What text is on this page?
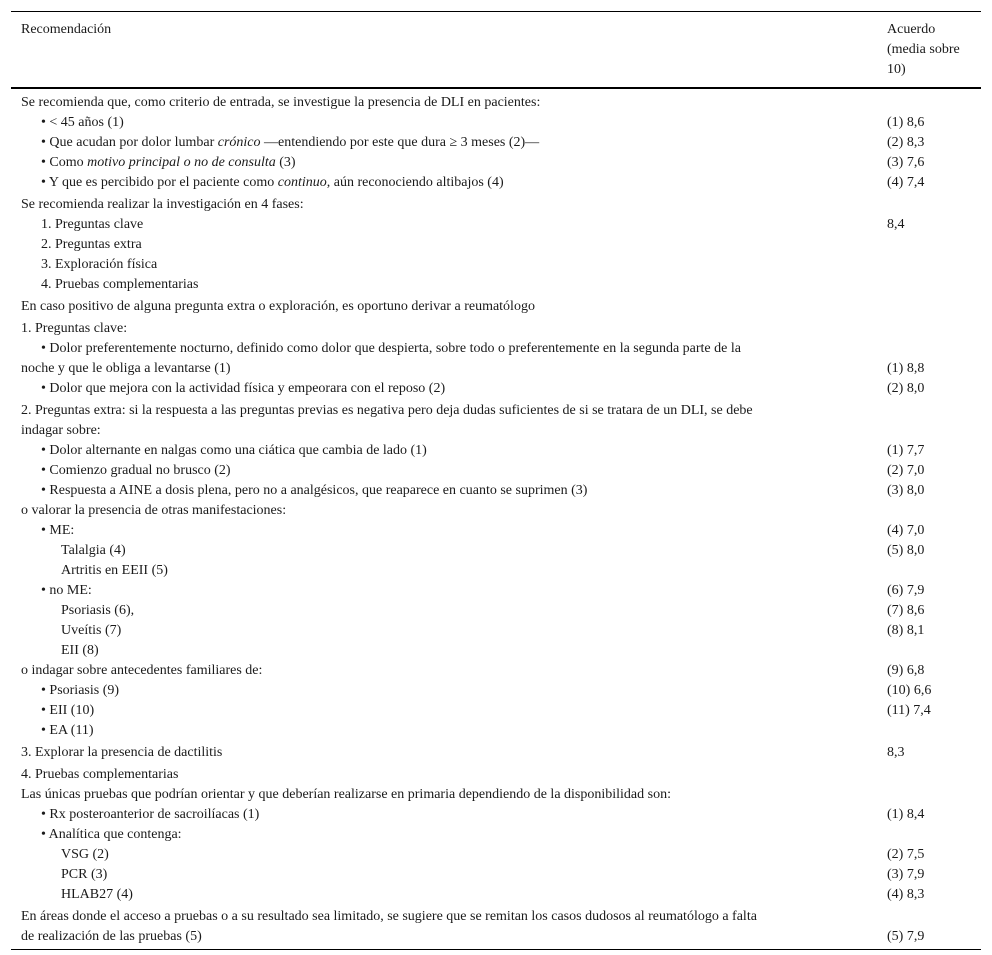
Recomendación	Acuerdo (media sobre 10)
Se recomienda que, como criterio de entrada, se investigue la presencia de DLI en pacientes:	
• < 45 años (1)	(1) 8,6
• Que acudan por dolor lumbar crónico —entendiendo por este que dura ≥ 3 meses (2)—	(2) 8,3
• Como motivo principal o no de consulta (3)	(3) 7,6
• Y que es percibido por el paciente como continuo, aún reconociendo altibajos (4)	(4) 7,4
Se recomienda realizar la investigación en 4 fases:	
1. Preguntas clave	8,4
2. Preguntas extra	
3. Exploración física	
4. Pruebas complementarias	
En caso positivo de alguna pregunta extra o exploración, es oportuno derivar a reumatólogo	
1. Preguntas clave:	
• Dolor preferentemente nocturno, definido como dolor que despierta, sobre todo o preferentemente en la segunda parte de la	
noche y que le obliga a levantarse (1)	(1) 8,8
• Dolor que mejora con la actividad física y empeorara con el reposo (2)	(2) 8,0
2. Preguntas extra: si la respuesta a las preguntas previas es negativa pero deja dudas suficientes de si se tratara de un DLI, se debe	
indagar sobre:	
• Dolor alternante en nalgas como una ciática que cambia de lado (1)	(1) 7,7
• Comienzo gradual no brusco (2)	(2) 7,0
• Respuesta a AINE a dosis plena, pero no a analgésicos, que reaparece en cuanto se suprimen (3)	(3) 8,0
o valorar la presencia de otras manifestaciones:	
• ME:	(4) 7,0
Talalgia (4)	(5) 8,0
Artritis en EEII (5)	
• no ME:	(6) 7,9
Psoriasis (6),	(7) 8,6
Uveítis (7)	(8) 8,1
EII (8)	
o indagar sobre antecedentes familiares de:	(9) 6,8
• Psoriasis (9)	(10) 6,6
• EII (10)	(11) 7,4
• EA (11)	
3. Explorar la presencia de dactilitis	8,3
4. Pruebas complementarias	
Las únicas pruebas que podrían orientar y que deberían realizarse en primaria dependiendo de la disponibilidad son:	
• Rx posteroanterior de sacroilíacas (1)	(1) 8,4
• Analítica que contenga:	
VSG (2)	(2) 7,5
PCR (3)	(3) 7,9
HLAB27 (4)	(4) 8,3
En áreas donde el acceso a pruebas o a su resultado sea limitado, se sugiere que se remitan los casos dudosos al reumatólogo a falta	
de realización de las pruebas (5)	(5) 7,9
